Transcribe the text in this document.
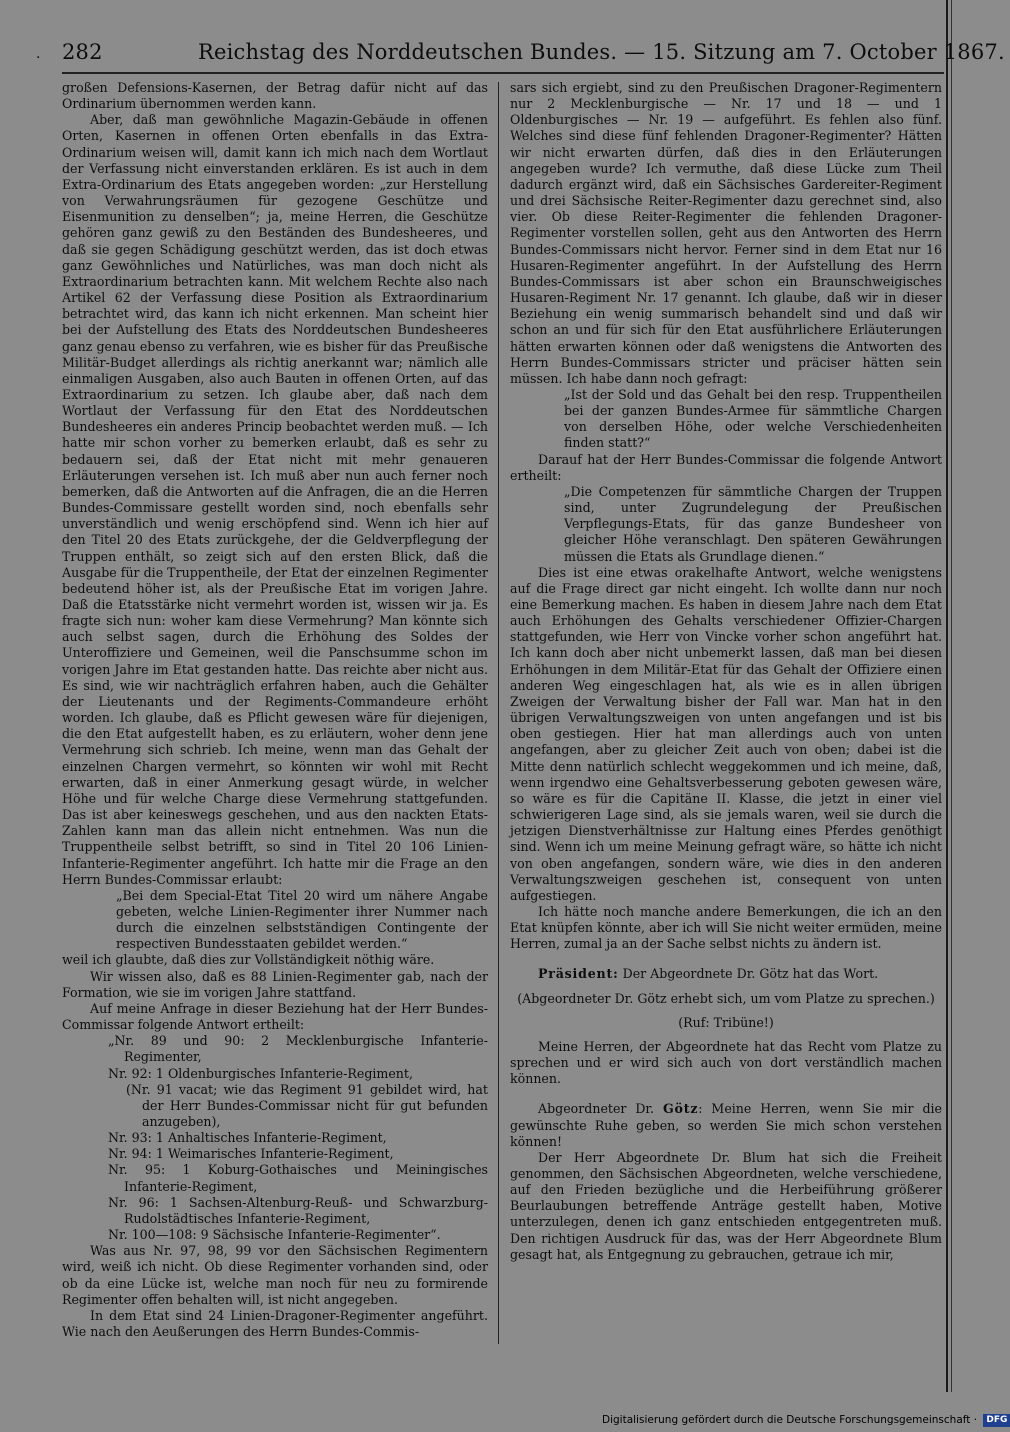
. 282	Reichstag des Norddeutschen Bundes. — 15. Sitzung am 7. October 1867.

großen Defensions-Kasernen, der Betrag dafür nicht auf das Ordinarium übernommen werden kann.

Aber, daß man gewöhnliche Magazin-Gebäude in offenen Orten, Kasernen in offenen Orten ebenfalls in das Extra-Ordinarium weisen will, damit kann ich mich nach dem Wortlaut der Verfassung nicht einverstanden erklären. Es ist auch in dem Extra-Ordinarium des Etats angegeben worden: „zur Herstellung von Verwahrungsräumen für gezogene Geschütze und Eisenmunition zu denselben“; ja, meine Herren, die Geschütze gehören ganz gewiß zu den Beständen des Bundesheeres, und daß sie gegen Schädigung geschützt werden, das ist doch etwas ganz Gewöhnliches und Natürliches, was man doch nicht als Extraordinarium betrachten kann. Mit welchem Rechte also nach Artikel 62 der Verfassung diese Position als Extraordinarium betrachtet wird, das kann ich nicht erkennen. Man scheint hier bei der Aufstellung des Etats des Norddeutschen Bundesheeres ganz genau ebenso zu verfahren, wie es bisher für das Preußische Militär-Budget allerdings als richtig anerkannt war; nämlich alle einmaligen Ausgaben, also auch Bauten in offenen Orten, auf das Extraordinarium zu setzen. Ich glaube aber, daß nach dem Wortlaut der Verfassung für den Etat des Norddeutschen Bundesheeres ein anderes Princip beobachtet werden muß. — Ich hatte mir schon vorher zu bemerken erlaubt, daß es sehr zu bedauern sei, daß der Etat nicht mit mehr genaueren Erläuterungen versehen ist. Ich muß aber nun auch ferner noch bemerken, daß die Antworten auf die Anfragen, die an die Herren Bundes-Commissare gestellt worden sind, noch ebenfalls sehr unverständlich und wenig erschöpfend sind. Wenn ich hier auf den Titel 20 des Etats zurückgehe, der die Geldverpflegung der Truppen enthält, so zeigt sich auf den ersten Blick, daß die Ausgabe für die Truppentheile, der Etat der einzelnen Regimenter bedeutend höher ist, als der Preußische Etat im vorigen Jahre. Daß die Etatsstärke nicht vermehrt worden ist, wissen wir ja. Es fragte sich nun: woher kam diese Vermehrung? Man könnte sich auch selbst sagen, durch die Erhöhung des Soldes der Unteroffiziere und Gemeinen, weil die Panschsumme schon im vorigen Jahre im Etat gestanden hatte. Das reichte aber nicht aus. Es sind, wie wir nachträglich erfahren haben, auch die Gehälter der Lieutenants und der Regiments-Commandeure erhöht worden. Ich glaube, daß es Pflicht gewesen wäre für diejenigen, die den Etat aufgestellt haben, es zu erläutern, woher denn jene Vermehrung sich schrieb. Ich meine, wenn man das Gehalt der einzelnen Chargen vermehrt, so könnten wir wohl mit Recht erwarten, daß in einer Anmerkung gesagt würde, in welcher Höhe und für welche Charge diese Vermehrung stattgefunden. Das ist aber keineswegs geschehen, und aus den nackten Etats-Zahlen kann man das allein nicht entnehmen. Was nun die Truppentheile selbst betrifft, so sind in Titel 20 106 Linien-Infanterie-Regimenter angeführt. Ich hatte mir die Frage an den Herrn Bundes-Commissar erlaubt:

„Bei dem Special-Etat Titel 20 wird um nähere Angabe gebeten, welche Linien-Regimenter ihrer Nummer nach durch die einzelnen selbstständigen Contingente der respectiven Bundesstaaten gebildet werden.“

weil ich glaubte, daß dies zur Vollständigkeit nöthig wäre.

Wir wissen also, daß es 88 Linien-Regimenter gab, nach der Formation, wie sie im vorigen Jahre stattfand.

Auf meine Anfrage in dieser Beziehung hat der Herr Bundes-Commissar folgende Antwort ertheilt:

„Nr. 89 und 90: 2 Mecklenburgische Infanterie-Regimenter,

Nr. 92: 1 Oldenburgisches Infanterie-Regiment,

(Nr. 91 vacat; wie das Regiment 91 gebildet wird, hat der Herr Bundes-Commissar nicht für gut befunden anzugeben),

Nr. 93: 1 Anhaltisches Infanterie-Regiment,

Nr. 94: 1 Weimarisches Infanterie-Regiment,

Nr. 95: 1 Koburg-Gothaisches und Meiningisches Infanterie-Regiment,

Nr. 96: 1 Sachsen-Altenburg-Reuß- und Schwarzburg-Rudolstädtisches Infanterie-Regiment,

Nr. 100—108: 9 Sächsische Infanterie-Regimenter“.

Was aus Nr. 97, 98, 99 vor den Sächsischen Regimentern wird, weiß ich nicht. Ob diese Regimenter vorhanden sind, oder ob da eine Lücke ist, welche man noch für neu zu formirende Regimenter offen behalten will, ist nicht angegeben.

In dem Etat sind 24 Linien-Dragoner-Regimenter angeführt. Wie nach den Aeußerungen des Herrn Bundes-Commis-

sars sich ergiebt, sind zu den Preußischen Dragoner-Regimentern nur 2 Mecklenburgische — Nr. 17 und 18 — und 1 Oldenburgisches — Nr. 19 — aufgeführt. Es fehlen also fünf. Welches sind diese fünf fehlenden Dragoner-Regimenter? Hätten wir nicht erwarten dürfen, daß dies in den Erläuterungen angegeben wurde? Ich vermuthe, daß diese Lücke zum Theil dadurch ergänzt wird, daß ein Sächsisches Gardereiter-Regiment und drei Sächsische Reiter-Regimenter dazu gerechnet sind, also vier. Ob diese Reiter-Regimenter die fehlenden Dragoner-Regimenter vorstellen sollen, geht aus den Antworten des Herrn Bundes-Commissars nicht hervor. Ferner sind in dem Etat nur 16 Husaren-Regimenter angeführt. In der Aufstellung des Herrn Bundes-Commissars ist aber schon ein Braunschweigisches Husaren-Regiment Nr. 17 genannt. Ich glaube, daß wir in dieser Beziehung ein wenig summarisch behandelt sind und daß wir schon an und für sich für den Etat ausführlichere Erläuterungen hätten erwarten können oder daß wenigstens die Antworten des Herrn Bundes-Commissars stricter und präciser hätten sein müssen. Ich habe dann noch gefragt:

„Ist der Sold und das Gehalt bei den resp. Truppentheilen bei der ganzen Bundes-Armee für sämmtliche Chargen von derselben Höhe, oder welche Verschiedenheiten finden statt?“

Darauf hat der Herr Bundes-Commissar die folgende Antwort ertheilt:

„Die Competenzen für sämmtliche Chargen der Truppen sind, unter Zugrundelegung der Preußischen Verpflegungs-Etats, für das ganze Bundesheer von gleicher Höhe veranschlagt. Den späteren Gewährungen müssen die Etats als Grundlage dienen.“

Dies ist eine etwas orakelhafte Antwort, welche wenigstens auf die Frage direct gar nicht eingeht. Ich wollte dann nur noch eine Bemerkung machen. Es haben in diesem Jahre nach dem Etat auch Erhöhungen des Gehalts verschiedener Offizier-Chargen stattgefunden, wie Herr von Vincke vorher schon angeführt hat. Ich kann doch aber nicht unbemerkt lassen, daß man bei diesen Erhöhungen in dem Militär-Etat für das Gehalt der Offiziere einen anderen Weg eingeschlagen hat, als wie es in allen übrigen Zweigen der Verwaltung bisher der Fall war. Man hat in den übrigen Verwaltungszweigen von unten angefangen und ist bis oben gestiegen. Hier hat man allerdings auch von unten angefangen, aber zu gleicher Zeit auch von oben; dabei ist die Mitte denn natürlich schlecht weggekommen und ich meine, daß, wenn irgendwo eine Gehaltsverbesserung geboten gewesen wäre, so wäre es für die Capitäne II. Klasse, die jetzt in einer viel schwierigeren Lage sind, als sie jemals waren, weil sie durch die jetzigen Dienstverhältnisse zur Haltung eines Pferdes genöthigt sind. Wenn ich um meine Meinung gefragt wäre, so hätte ich nicht von oben angefangen, sondern wäre, wie dies in den anderen Verwaltungszweigen geschehen ist, consequent von unten aufgestiegen.

Ich hätte noch manche andere Bemerkungen, die ich an den Etat knüpfen könnte, aber ich will Sie nicht weiter ermüden, meine Herren, zumal ja an der Sache selbst nichts zu ändern ist.

Präsident: Der Abgeordnete Dr. Götz hat das Wort.

(Abgeordneter Dr. Götz erhebt sich, um vom Platze zu sprechen.)

(Ruf: Tribüne!)

Meine Herren, der Abgeordnete hat das Recht vom Platze zu sprechen und er wird sich auch von dort verständlich machen können.

Abgeordneter Dr. Götz: Meine Herren, wenn Sie mir die gewünschte Ruhe geben, so werden Sie mich schon verstehen können!

Der Herr Abgeordnete Dr. Blum hat sich die Freiheit genommen, den Sächsischen Abgeordneten, welche verschiedene, auf den Frieden bezügliche und die Herbeiführung größerer Beurlaubungen betreffende Anträge gestellt haben, Motive unterzulegen, denen ich ganz entschieden entgegentreten muß. Den richtigen Ausdruck für das, was der Herr Abgeordnete Blum gesagt hat, als Entgegnung zu gebrauchen, getraue ich mir,

Digitalisierung gefördert durch die Deutsche Forschungsgemeinschaft · DFG
